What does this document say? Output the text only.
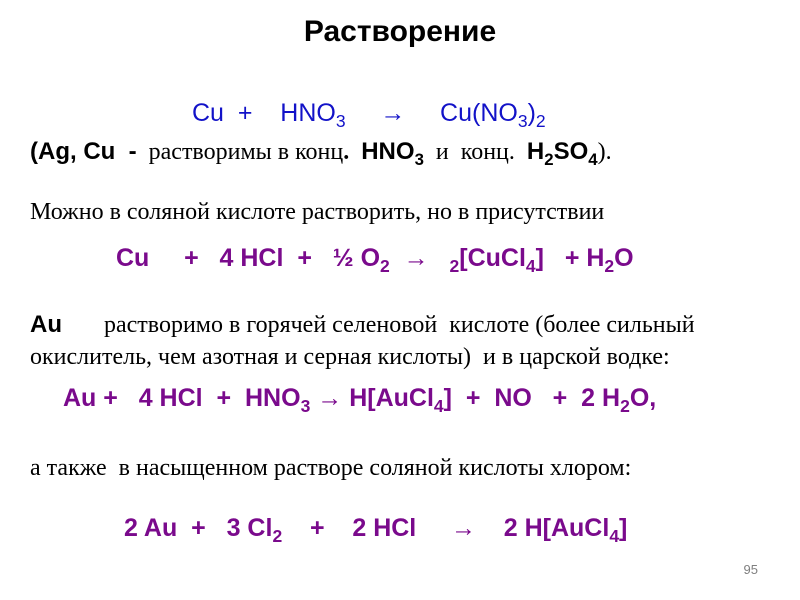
Растворение
$Cu + HNO_3 \to Cu(NO_3)_2$
(Ag, Cu  - растворимы в конц. $HNO_3$ и  конц. $H_2SO_4$).
Можно в соляной кислоте растворить, но в присутствии
Cu + 4 HCl + ½ $O_2$ → $_2$[CuCl$_4$] + $H_2O$
Au растворимо в горячей селеновой  кислоте (более сильный
окислитель, чем азотная и серная кислоты)  и в царской водке:
Au +   4 HCl  +  $HNO_3$ → H[AuCl$_4$]  +  NO   +  2 $H_2O$,
а также  в насыщенном растворе соляной кислоты хлором:
2 Au  +   3 $Cl_2$    +    2 HCl     →    2 H[AuCl$_4$]
95
